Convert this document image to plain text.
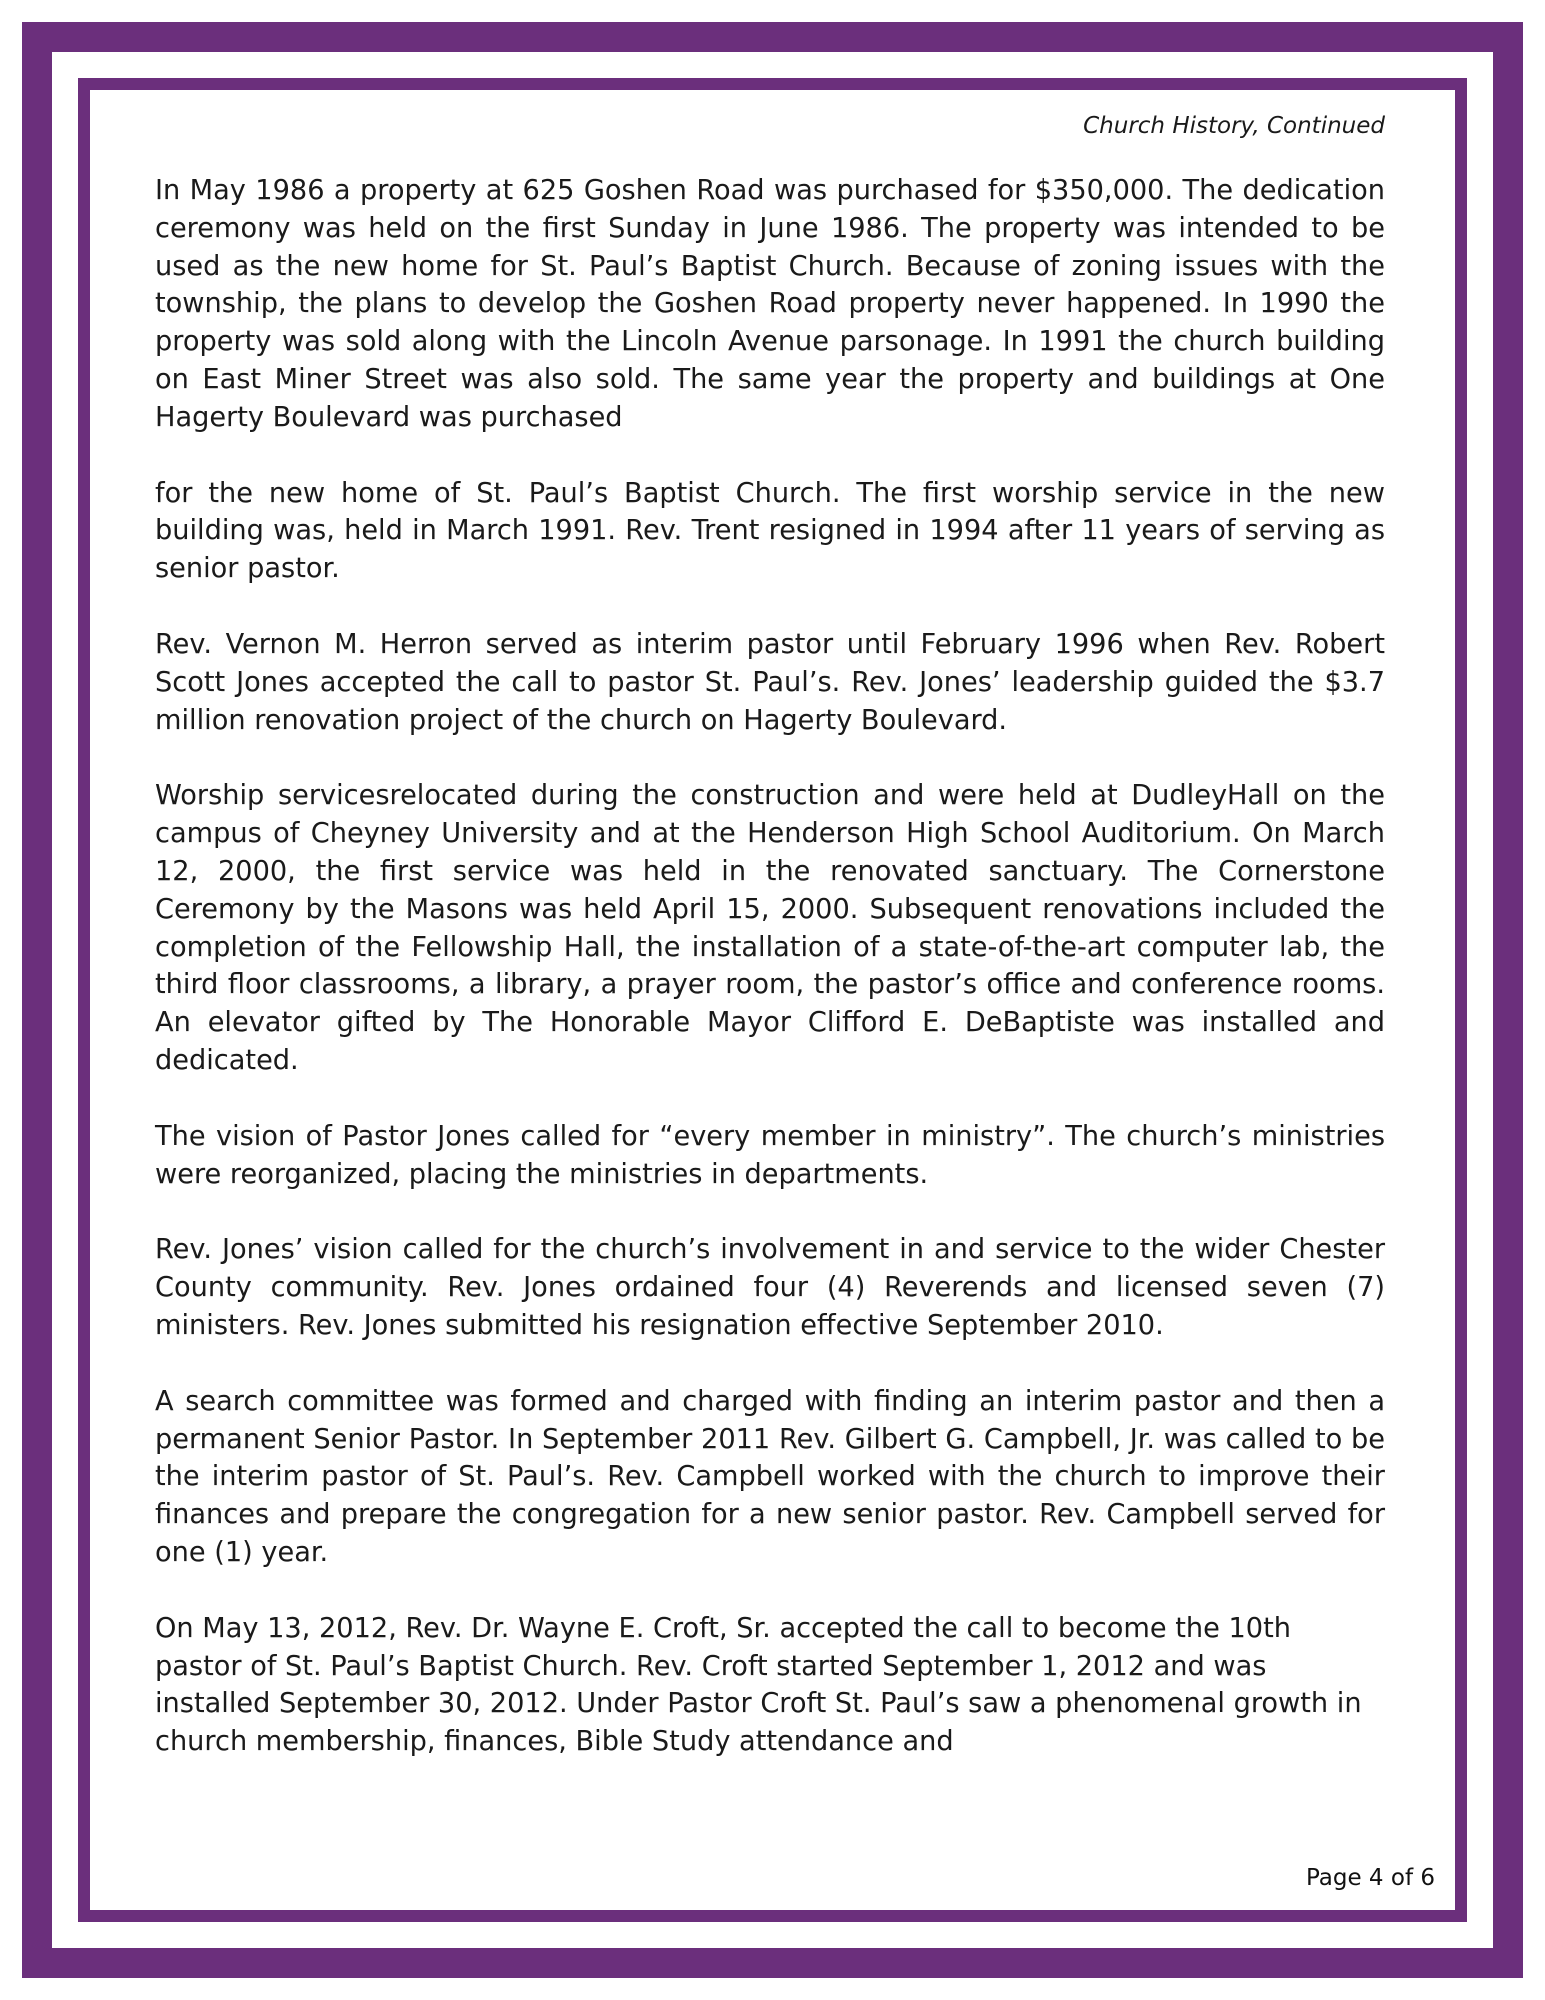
Church History, Continued

In May 1986 a property at 625 Goshen Road was purchased for $350,000. The dedication ceremony was held on the first Sunday in June 1986. The property was intended to be used as the new home for St. Paul’s Baptist Church. Because of zoning issues with the township, the plans to develop the Goshen Road property never happened. In 1990 the property was sold along with the Lincoln Avenue parsonage. In 1991 the church building on East Miner Street was also sold. The same year the property and buildings at One Hagerty Boulevard was purchased

for the new home of St. Paul’s Baptist Church. The first worship service in the new building was, held in March 1991. Rev. Trent resigned in 1994 after 11 years of serving as senior pastor.

Rev. Vernon M. Herron served as interim pastor until February 1996 when Rev. Robert Scott Jones accepted the call to pastor St. Paul’s. Rev. Jones’ leadership guided the $3.7 million renovation project of the church on Hagerty Boulevard.

Worship servicesrelocated during the construction and were held at DudleyHall on the campus of Cheyney University and at the Henderson High School Auditorium. On March 12, 2000, the first service was held in the renovated sanctuary. The Cornerstone Ceremony by the Masons was held April 15, 2000. Subsequent renovations included the completion of the Fellowship Hall, the installation of a state-of-the-art computer lab, the third floor classrooms, a library, a prayer room, the pastor’s office and conference rooms. An elevator gifted by The Honorable Mayor Clifford E. DeBaptiste was installed and dedicated.

The vision of Pastor Jones called for “every member in ministry”. The church’s ministries were reorganized, placing the ministries in departments.

Rev. Jones’ vision called for the church’s involvement in and service to the wider Chester County community. Rev. Jones ordained four (4) Reverends and licensed seven (7) ministers. Rev. Jones submitted his resignation effective September 2010.

A search committee was formed and charged with finding an interim pastor and then a permanent Senior Pastor. In September 2011 Rev. Gilbert G. Campbell, Jr. was called to be the interim pastor of St. Paul’s. Rev. Campbell worked with the church to improve their finances and prepare the congregation for a new senior pastor. Rev. Campbell served for one (1) year.

On May 13, 2012, Rev. Dr. Wayne E. Croft, Sr. accepted the call to become the 10th pastor of St. Paul’s Baptist Church. Rev. Croft started September 1, 2012 and was installed September 30, 2012. Under Pastor Croft St. Paul’s saw a phenomenal growth in church membership, finances, Bible Study attendance and

Page 4 of 6
